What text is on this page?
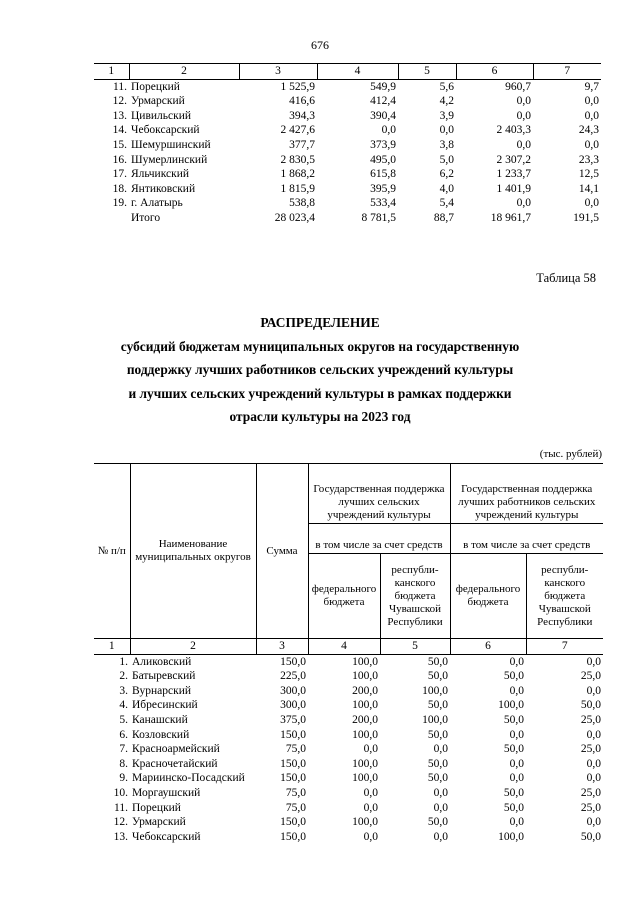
676
1	2	3	4	5	6	7
11.	Порецкий	1 525,9	549,9	5,6	960,7	9,7
12.	Урмарский	416,6	412,4	4,2	0,0	0,0
13.	Цивильский	394,3	390,4	3,9	0,0	0,0
14.	Чебоксарский	2 427,6	0,0	0,0	2 403,3	24,3
15.	Шемуршинский	377,7	373,9	3,8	0,0	0,0
16.	Шумерлинский	2 830,5	495,0	5,0	2 307,2	23,3
17.	Яльчикский	1 868,2	615,8	6,2	1 233,7	12,5
18.	Янтиковский	1 815,9	395,9	4,0	1 401,9	14,1
19.	г. Алатырь	538,8	533,4	5,4	0,0	0,0
	Итого	28 023,4	8 781,5	88,7	18 961,7	191,5
Таблица 58
РАСПРЕДЕЛЕНИЕ
субсидий бюджетам муниципальных округов на государственную
поддержку лучших работников сельских учреждений культуры
и лучших сельских учреждений культуры в рамках поддержки
отрасли культуры на 2023 год
(тыс. рублей)
№ п/п	Наименование муниципальных округов	Сумма	Государственная поддержка лучших сельских учреждений культуры		Государственная поддержка лучших работников сельских учреждений культуры	
			в том числе за счет средств		в том числе за счет средств	
			федерального бюджета	республиканского бюджета Чувашской Республики	федерального бюджета	республиканского бюджета Чувашской Республики
1	2	3	4	5	6	7
1.	Аликовский	150,0	100,0	50,0	0,0	0,0
2.	Батыревский	225,0	100,0	50,0	50,0	25,0
3.	Вурнарский	300,0	200,0	100,0	0,0	0,0
4.	Ибресинский	300,0	100,0	50,0	100,0	50,0
5.	Канашский	375,0	200,0	100,0	50,0	25,0
6.	Козловский	150,0	100,0	50,0	0,0	0,0
7.	Красноармейский	75,0	0,0	0,0	50,0	25,0
8.	Красночетайский	150,0	100,0	50,0	0,0	0,0
9.	Мариинско-Посадский	150,0	100,0	50,0	0,0	0,0
10.	Моргаушский	75,0	0,0	0,0	50,0	25,0
11.	Порецкий	75,0	0,0	0,0	50,0	25,0
12.	Урмарский	150,0	100,0	50,0	0,0	0,0
13.	Чебоксарский	150,0	0,0	0,0	100,0	50,0
